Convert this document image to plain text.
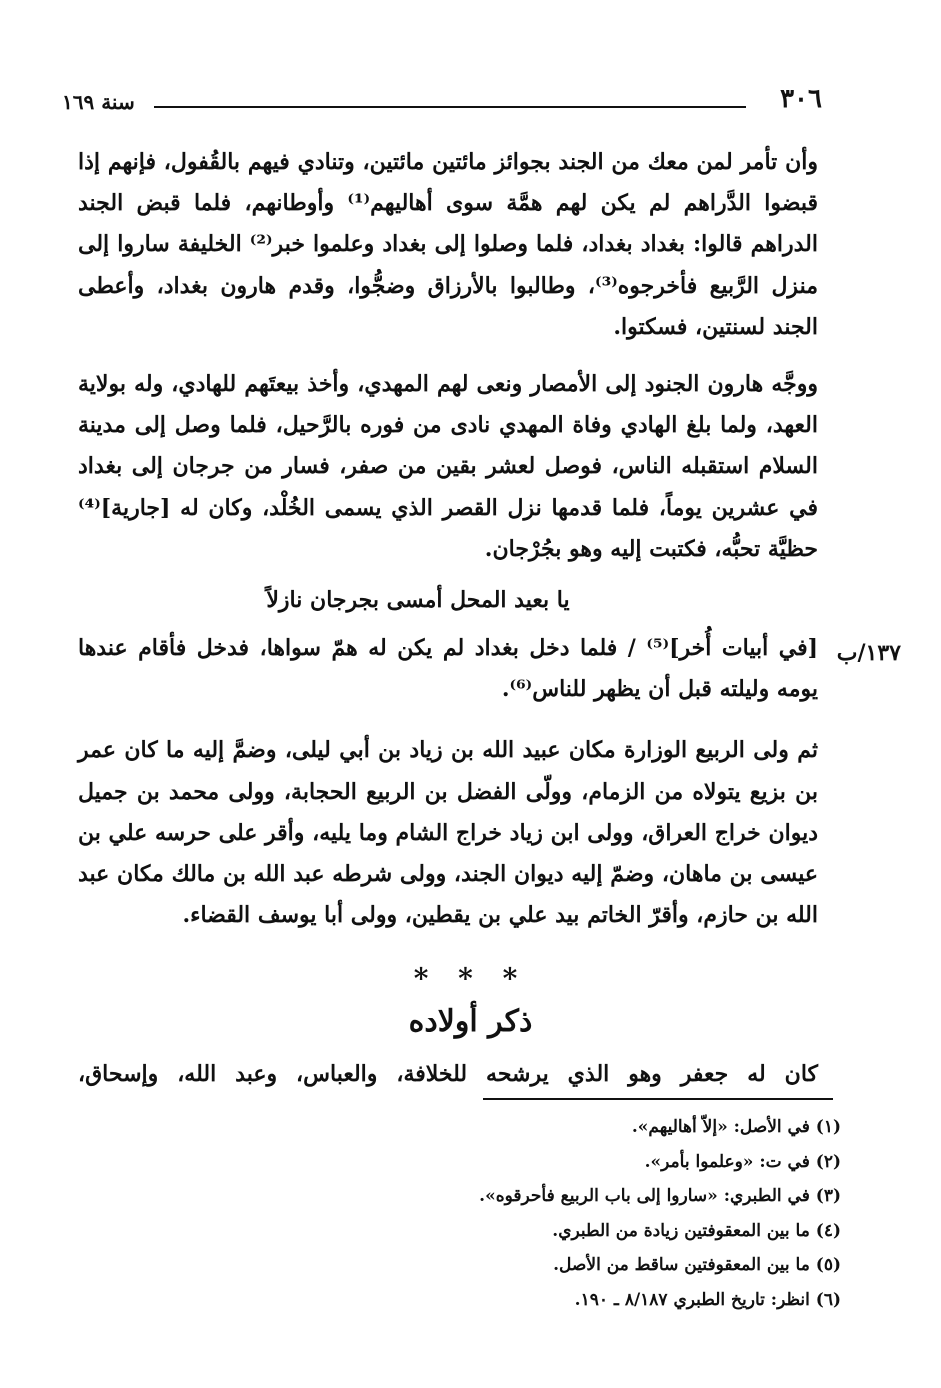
٣٠٦
سنة ١٦٩

وأن تأمر لمن معك من الجند بجوائز مائتين مائتين، وتنادي فيهم بالقُفول، فإنهم إذا قبضوا الدَّراهم لم يكن لهم همَّة سوى أهاليهم⁽¹⁾ وأوطانهم، فلما قبض الجند الدراهم قالوا: بغداد بغداد، فلما وصلوا إلى بغداد وعلموا خبر⁽²⁾ الخليفة ساروا إلى منزل الرَّبيع فأخرجوه⁽³⁾، وطالبوا بالأرزاق وضجُّوا، وقدم هارون بغداد، وأعطى الجند لسنتين، فسكتوا.

ووجَّه هارون الجنود إلى الأمصار ونعى لهم المهدي، وأخذ بيعتَهم للهادي، وله بولاية العهد، ولما بلغ الهادي وفاة المهدي نادى من فوره بالرَّحيل، فلما وصل إلى مدينة السلام استقبله الناس، فوصل لعشر بقين من صفر، فسار من جرجان إلى بغداد في عشرين يوماً، فلما قدمها نزل القصر الذي يسمى الخُلْد، وكان له [جارية]⁽⁴⁾ حظيَّة تحبُّه، فكتبت إليه وهو بجُرْجان.

يا بعيد المحل أمسى بجرجان نازلاً

[في أبيات أُخر]⁽⁵⁾ / فلما دخل بغداد لم يكن له همّ سواها، فدخل فأقام عندها يومه وليلته قبل أن يظهر للناس⁽⁶⁾.

ثم ولى الربيع الوزارة مكان عبيد الله بن زياد بن أبي ليلى، وضمَّ إليه ما كان عمر بن بزيع يتولاه من الزمام، وولّى الفضل بن الربيع الحجابة، وولى محمد بن جميل ديوان خراج العراق، وولى ابن زياد خراج الشام وما يليه، وأقر على حرسه علي بن عيسى بن ماهان، وضمّ إليه ديوان الجند، وولى شرطه عبد الله بن مالك مكان عبد الله بن حازم، وأقرّ الخاتم بيد علي بن يقطين، وولى أبا يوسف القضاء.

١٣٧/ب
* * *
ذكر أولاده
كان له جعفر وهو الذي يرشحه للخلافة، والعباس، وعبد الله، وإسحاق،
(١) في الأصل: «إلاّ أهاليهم».
(٢) في ت: «وعلموا بأمر».
(٣) في الطبري: «ساروا إلى باب الربيع فأحرقوه».
(٤) ما بين المعقوفتين زيادة من الطبري.
(٥) ما بين المعقوفتين ساقط من الأصل.
(٦) انظر: تاريخ الطبري ٨/١٨٧ ـ ١٩٠.
